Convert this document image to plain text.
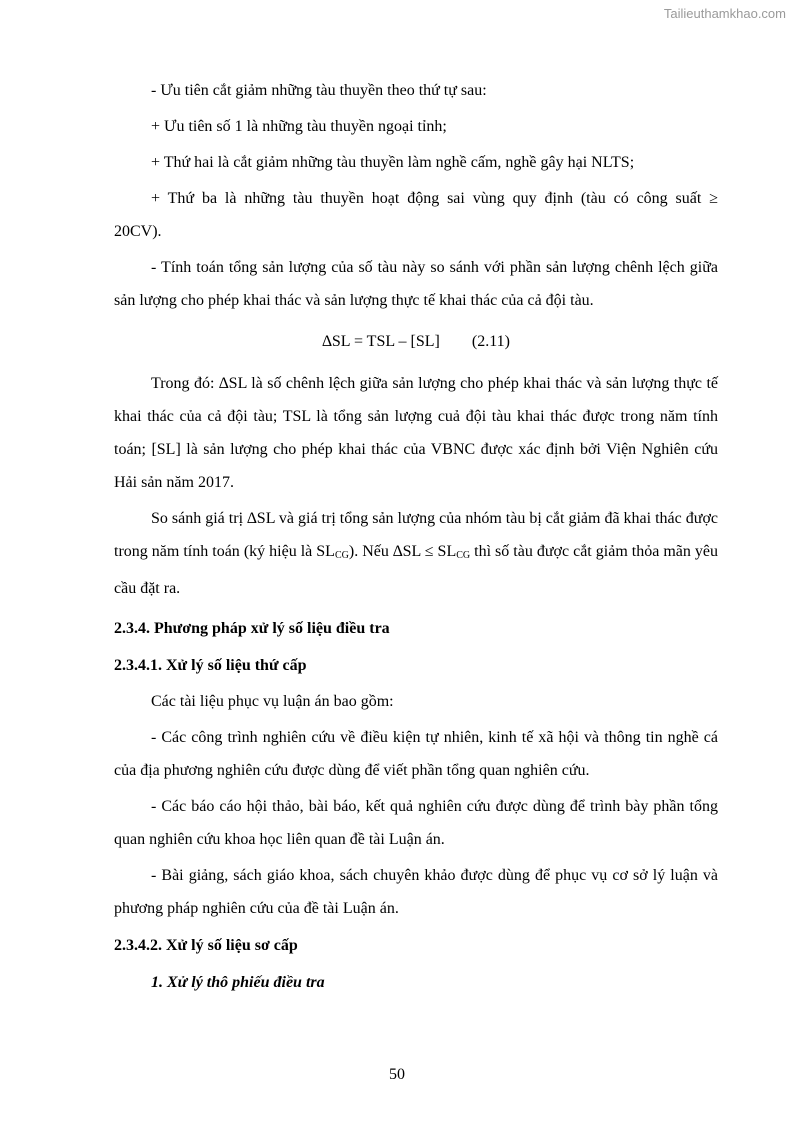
Tailieuthamkhao.com

- Ưu tiên cắt giảm những tàu thuyền theo thứ tự sau:

+ Ưu tiên số 1 là những tàu thuyền ngoại tỉnh;

+ Thứ hai là cắt giảm những tàu thuyền làm nghề cấm, nghề gây hại NLTS;

+ Thứ ba là những tàu thuyền hoạt động sai vùng quy định (tàu có công suất ≥

20CV).

- Tính toán tổng sản lượng của số tàu này so sánh với phần sản lượng chênh lệch giữa sản lượng cho phép khai thác và sản lượng thực tế khai thác của cả đội tàu.

∆SL = TSL – [SL] (2.11)

Trong đó: ∆SL là số chênh lệch giữa sản lượng cho phép khai thác và sản lượng thực tế khai thác của cả đội tàu; TSL là tổng sản lượng cuả đội tàu khai thác được trong năm tính toán; [SL] là sản lượng cho phép khai thác của VBNC được xác định bởi Viện Nghiên cứu Hải sản năm 2017.

So sánh giá trị ∆SL và giá trị tổng sản lượng của nhóm tàu bị cắt giảm đã khai thác được trong năm tính toán (ký hiệu là $SL_{CG}$). Nếu $\Delta SL \le SL_{CG}$ thì số tàu được cắt giảm thỏa mãn yêu cầu đặt ra.

2.3.4. Phương pháp xử lý số liệu điều tra

2.3.4.1. Xử lý số liệu thứ cấp

Các tài liệu phục vụ luận án bao gồm:

- Các công trình nghiên cứu về điều kiện tự nhiên, kinh tế xã hội và thông tin nghề cá của địa phương nghiên cứu được dùng để viết phần tổng quan nghiên cứu.

- Các báo cáo hội thảo, bài báo, kết quả nghiên cứu được dùng để trình bày phần tổng quan nghiên cứu khoa học liên quan đề tài Luận án.

- Bài giảng, sách giáo khoa, sách chuyên khảo được dùng để phục vụ cơ sở lý luận và phương pháp nghiên cứu của đề tài Luận án.

2.3.4.2. Xử lý số liệu sơ cấp

1. Xử lý thô phiếu điều tra

50
